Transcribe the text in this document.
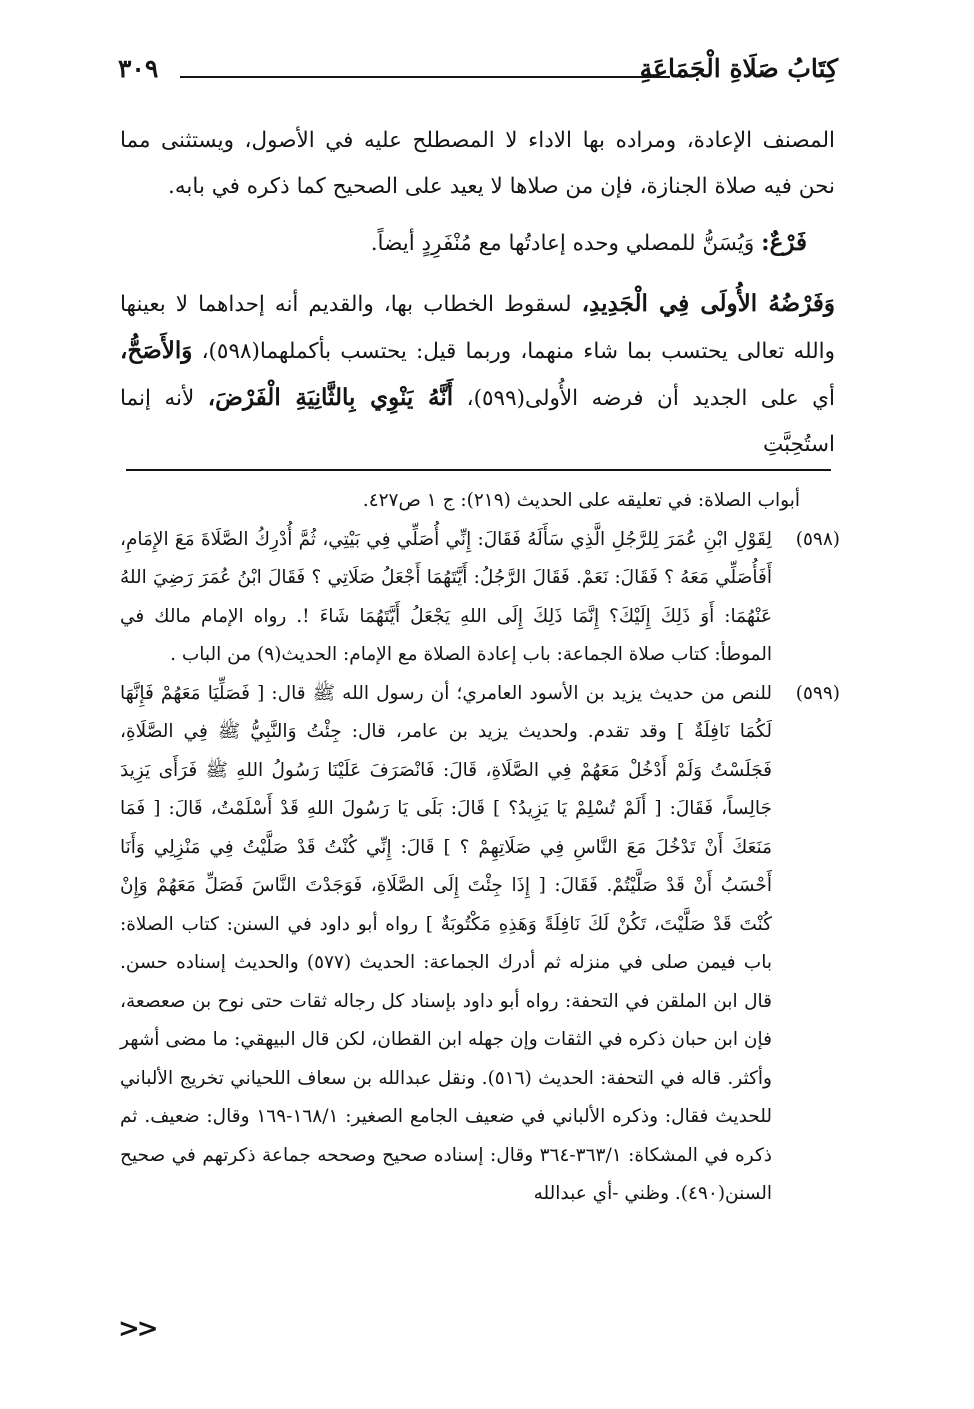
كِتَابُ صَلَاةِ الْجَمَاعَةِ
٣٠٩

المصنف الإعادة، ومراده بها الاداء لا المصطلح عليه في الأصول، ويستثنى مما نحن فيه صلاة الجنازة، فإن من صلاها لا يعيد على الصحيح كما ذكره في بابه.

فَرْعٌ: وَيُسَنُّ للمصلي وحده إعادتُها مع مُنْفَرِدٍ أيضاً.

وَفَرْضُهُ الأُولَى فِي الْجَدِيدِ، لسقوط الخطاب بها، والقديم أنه إحداهما لا بعينها والله تعالى يحتسب بما شاء منهما، وربما قيل: يحتسب بأكملهما(٥٩٨)، وَالأَصَحُّ، أي على الجديد أن فرضه الأُولى(٥٩٩)، أَنَّهُ يَنْوِي بِالثَّانِيَةِ الْفَرْضَ، لأنه إنما استُحِبَّتِ

أبواب الصلاة: في تعليقه على الحديث (٢١٩): ج ١ ص٤٢٧.

(٥٩٨)
لِقَوْلِ ابْنِ عُمَرَ لِلرَّجُلِ الَّذِي سَأَلَهُ فَقَالَ: إِنِّي أُصَلِّي فِي بَيْتِي، ثُمَّ أُدْرِكُ الصَّلَاةَ مَعَ الإِمَامِ، أَفَأُصَلِّي مَعَهُ ؟ فَقَالَ: نَعَمْ. فَقَالَ الرَّجُلُ: أَيَّتَهُمَا أَجْعَلُ صَلَاتِي ؟ فَقَالَ ابْنُ عُمَرَ رَضِيَ اللهُ عَنْهُمَا: أَوَ ذَلِكَ إِلَيْكَ؟ إِنَّمَا ذَلِكَ إِلَى اللهِ يَجْعَلُ أَيَّتَهُمَا شَاءَ !. رواه الإمام مالك في الموطأ: كتاب صلاة الجماعة: باب إعادة الصلاة مع الإمام: الحديث(٩) من الباب .

(٥٩٩)
للنص من حديث يزيد بن الأسود العامري؛ أن رسول الله ﷺ قال: [ فَصَلِّيَا مَعَهُمْ فَإِنَّهَا لَكُمَا نَافِلَةٌ ] وقد تقدم. ولحديث يزيد بن عامر، قال: جِئْتُ وَالنَّبِيُّ ﷺ فِي الصَّلَاةِ، فَجَلَسْتُ وَلَمْ أَدْخُلْ مَعَهُمْ فِي الصَّلَاةِ، قَالَ: فَانْصَرَفَ عَلَيْنَا رَسُولُ اللهِ ﷺ فَرَأَى يَزِيدَ جَالِساً، فَقَالَ: [ أَلَمْ تُسْلِمْ يَا يَزِيدُ؟ ] قَالَ: بَلَى يَا رَسُولَ اللهِ قَدْ أَسْلَمْتُ، قَالَ: [ فَمَا مَنَعَكَ أَنْ تَدْخُلَ مَعَ النَّاسِ فِي صَلَاتِهِمْ ؟ ] قَالَ: إِنِّي كُنْتُ قَدْ صَلَّيْتُ فِي مَنْزِلِي وَأَنَا أَحْسَبُ أَنْ قَدْ صَلَّيْتُمْ. فَقَالَ: [ إِذَا جِئْتَ إِلَى الصَّلَاةِ، فَوَجَدْتَ النَّاسَ فَصَلِّ مَعَهُمْ وَإِنْ كُنْتَ قَدْ صَلَّيْتَ، تَكُنْ لَكَ نَافِلَةً وَهَذِهِ مَكْتُوبَةٌ ] رواه أبو داود في السنن: كتاب الصلاة: باب فيمن صلى في منزله ثم أدرك الجماعة: الحديث (٥٧٧) والحديث إسناده حسن. قال ابن الملقن في التحفة: رواه أبو داود بإسناد كل رجاله ثقات حتى نوح بن صعصعة، فإن ابن حبان ذكره في الثقات وإن جهله ابن القطان، لكن قال البيهقي: ما مضى أشهر وأكثر. قاله في التحفة: الحديث (٥١٦). ونقل عبدالله بن سعاف اللحياني تخريج الألباني للحديث فقال: وذكره الألباني في ضعيف الجامع الصغير: ١٦٨/١-١٦٩ وقال: ضعيف. ثم ذكره في المشكاة: ٣٦٣/١-٣٦٤ وقال: إسناده صحيح وصححه جماعة ذكرتهم في صحيح السنن(٤٩٠). وظني -أي عبدالله

<<
